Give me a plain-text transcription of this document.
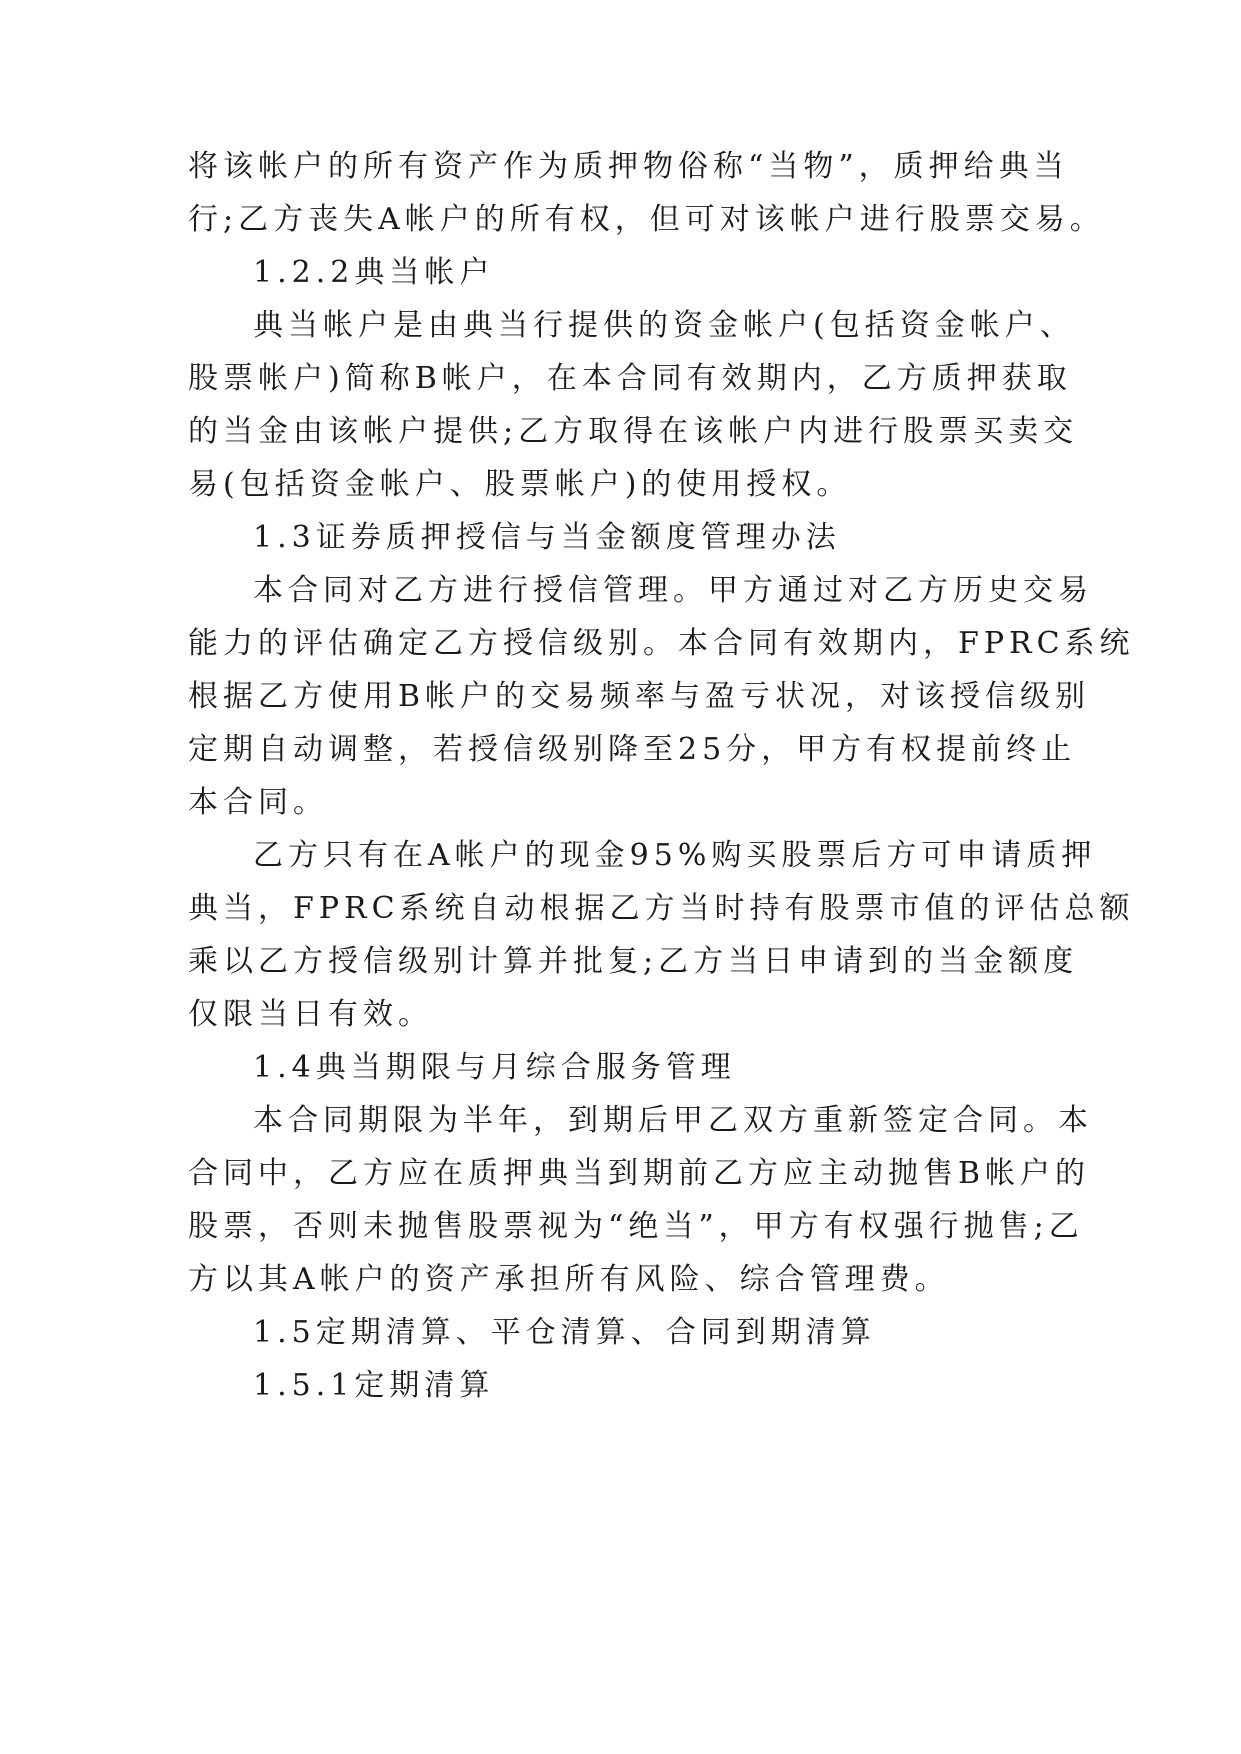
将该帐户的所有资产作为质押物俗称“当物”，质押给典当

行;乙方丧失A帐户的所有权，但可对该帐户进行股票交易。

1.2.2典当帐户

典当帐户是由典当行提供的资金帐户(包括资金帐户、

股票帐户)简称B帐户，在本合同有效期内，乙方质押获取

的当金由该帐户提供;乙方取得在该帐户内进行股票买卖交

易(包括资金帐户、股票帐户)的使用授权。

1.3证券质押授信与当金额度管理办法

本合同对乙方进行授信管理。甲方通过对乙方历史交易

能力的评估确定乙方授信级别。本合同有效期内，FPRC系统

根据乙方使用B帐户的交易频率与盈亏状况，对该授信级别

定期自动调整，若授信级别降至25分，甲方有权提前终止

本合同。

乙方只有在A帐户的现金95%购买股票后方可申请质押

典当，FPRC系统自动根据乙方当时持有股票市值的评估总额

乘以乙方授信级别计算并批复;乙方当日申请到的当金额度

仅限当日有效。

1.4典当期限与月综合服务管理

本合同期限为半年，到期后甲乙双方重新签定合同。本

合同中，乙方应在质押典当到期前乙方应主动抛售B帐户的

股票，否则未抛售股票视为“绝当”，甲方有权强行抛售;乙

方以其A帐户的资产承担所有风险、综合管理费。

1.5定期清算、平仓清算、合同到期清算

1.5.1定期清算
